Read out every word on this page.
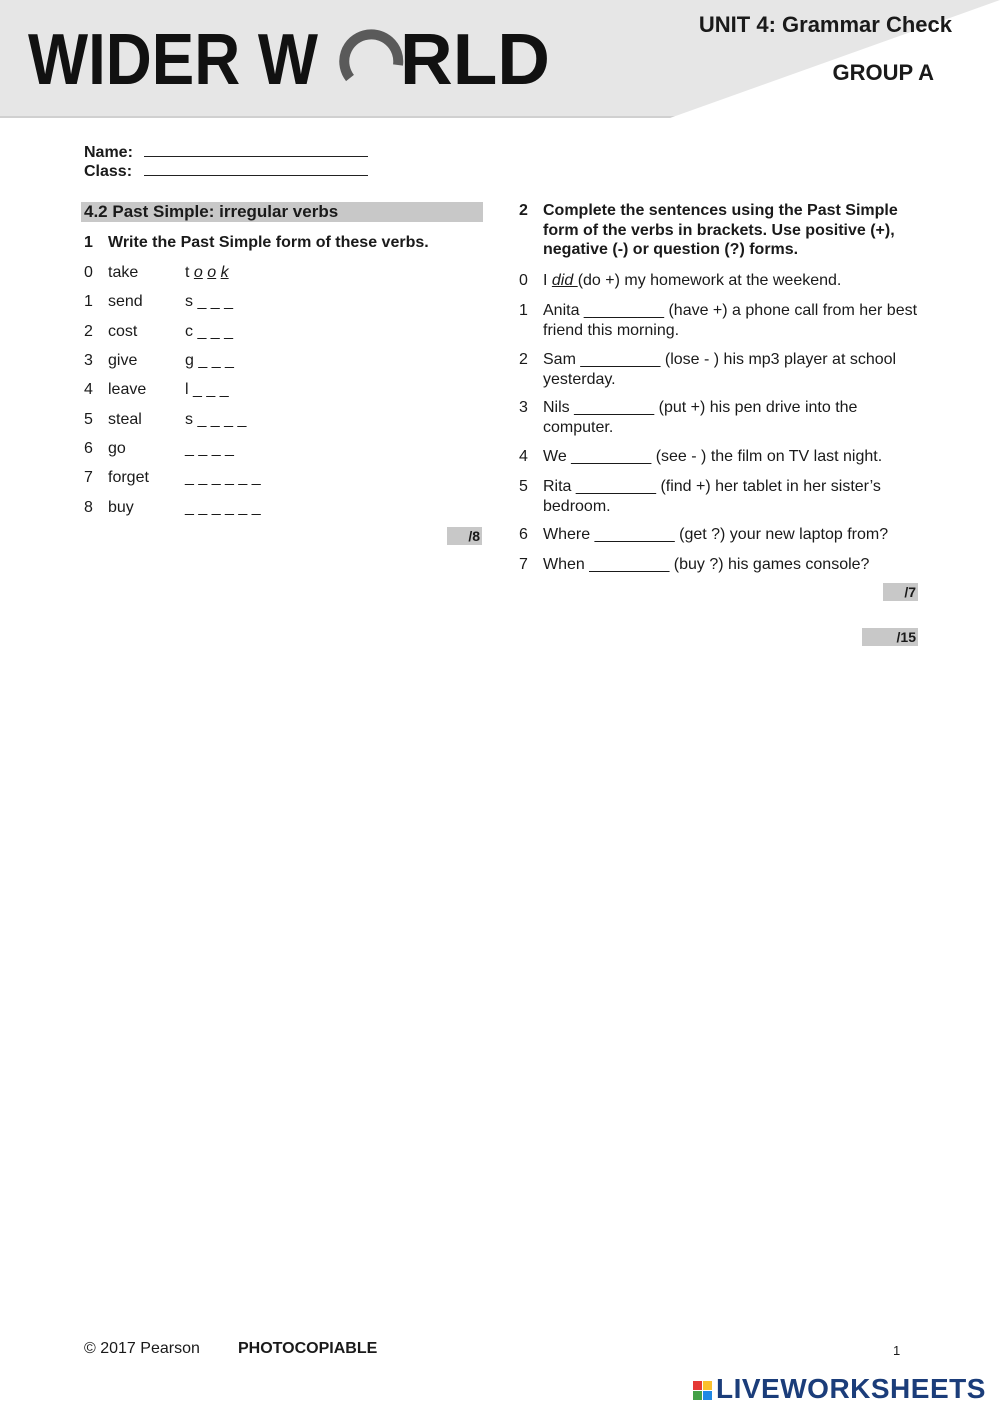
WIDER W RLD	UNIT 4: Grammar Check
GROUP A
Name:
Class:
4.2 Past Simple: irregular verbs
1 Write the Past Simple form of these verbs.
0 take	t o o k
1 send	s _ _ _
2 cost	c _ _ _
3 give	g _ _ _
4 leave l _ _ _
5 steal	s _ _ _ _
6 go	_ _ _ _
7 forget _ _ _ _ _ _
8 buy	_ _ _ _ _ _
/8
2 Complete the sentences using the Past Simple form of the verbs in brackets. Use positive (+), negative (-) or question (?) forms.
0 I did (do +) my homework at the weekend.
1 Anita _________ (have +) a phone call from her best friend this morning.
2 Sam _________ (lose - ) his mp3 player at school yesterday.
3 Nils _________ (put +) his pen drive into the computer.
4 We _________ (see - ) the film on TV last night.
5 Rita _________ (find +) her tablet in her sister’s bedroom.
6 Where _________ (get ?) your new laptop from?
7 When _________ (buy ?) his games console?
/7
/15
© 2017 Pearson PHOTOCOPIABLE	1
LIVEWORKSHEETS
